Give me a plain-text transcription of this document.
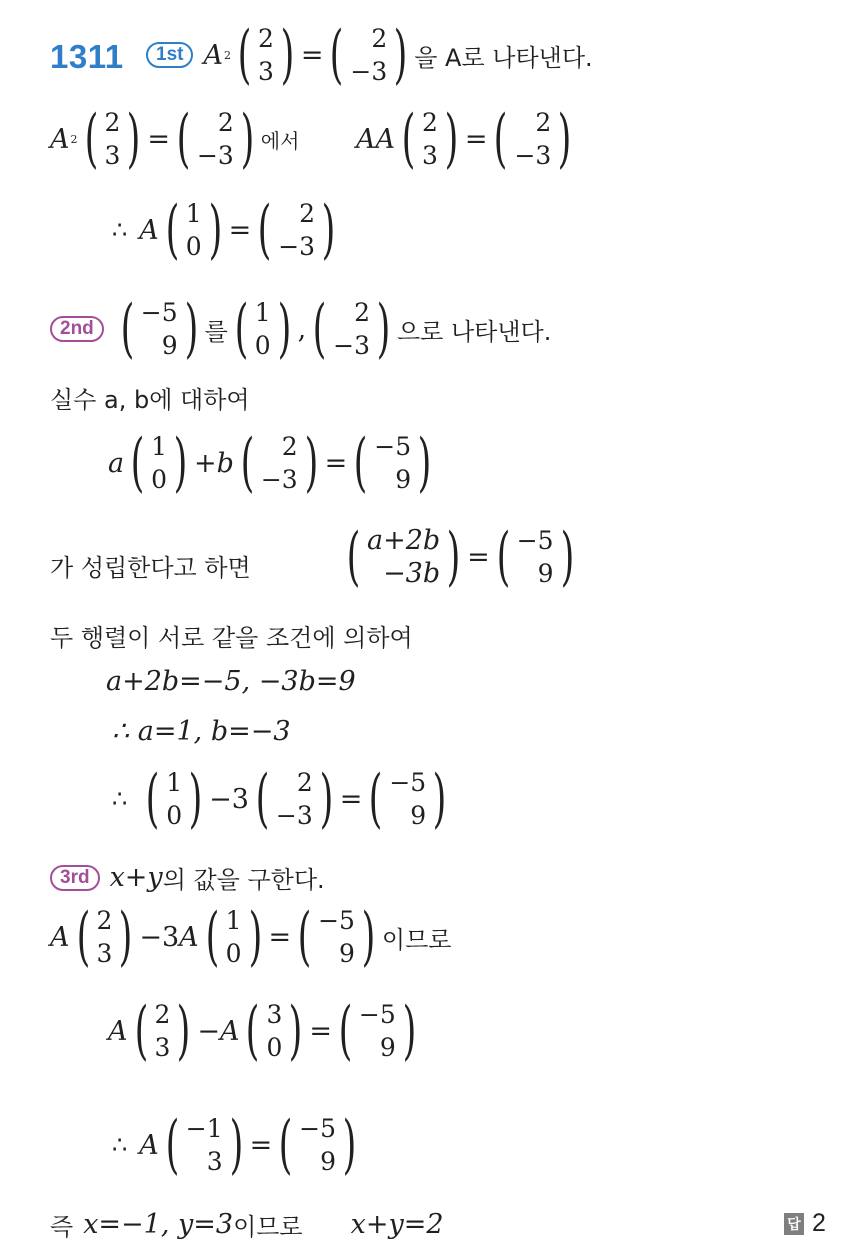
1311	1st A 2 ( 2
3 ) = (	2
−3 ) 을 A로 나타낸다.
A 2 ( 2
3 ) = (	2
−3 ) 에서 AA ( 2
3 ) = (	2
−3 )
∴ A ( 1
0 ) = (	2
−3 )
2nd ( −5
9 ) 를 ( 1
0 ) , (	2
−3 ) 으로 나타낸다.
실수 a, b에 대하여
a ( 1
0 ) + b (	2
−3 ) = ( −5
9 )
가 성립한다고 하면 ( a+2b
−3b ) = ( −5
9 )
두 행렬이 서로 같을 조건에 의하여
a+2b=−5, −3b=9
∴ a=1, b=−3
∴ ( 1
0 ) −3 (	2
−3 ) = ( −5
9 )
3rd x+y 의 값을 구한다.
A ( 2
3 ) −3 A ( 1
0 ) = ( −5
9 ) 이므로
A ( 2
3 ) − A ( 3
0 ) = ( −5
9 )
∴ A ( −1
3 ) = ( −5
9 )
즉 x=−1, y=3 이므로 x+y=2	답 2
